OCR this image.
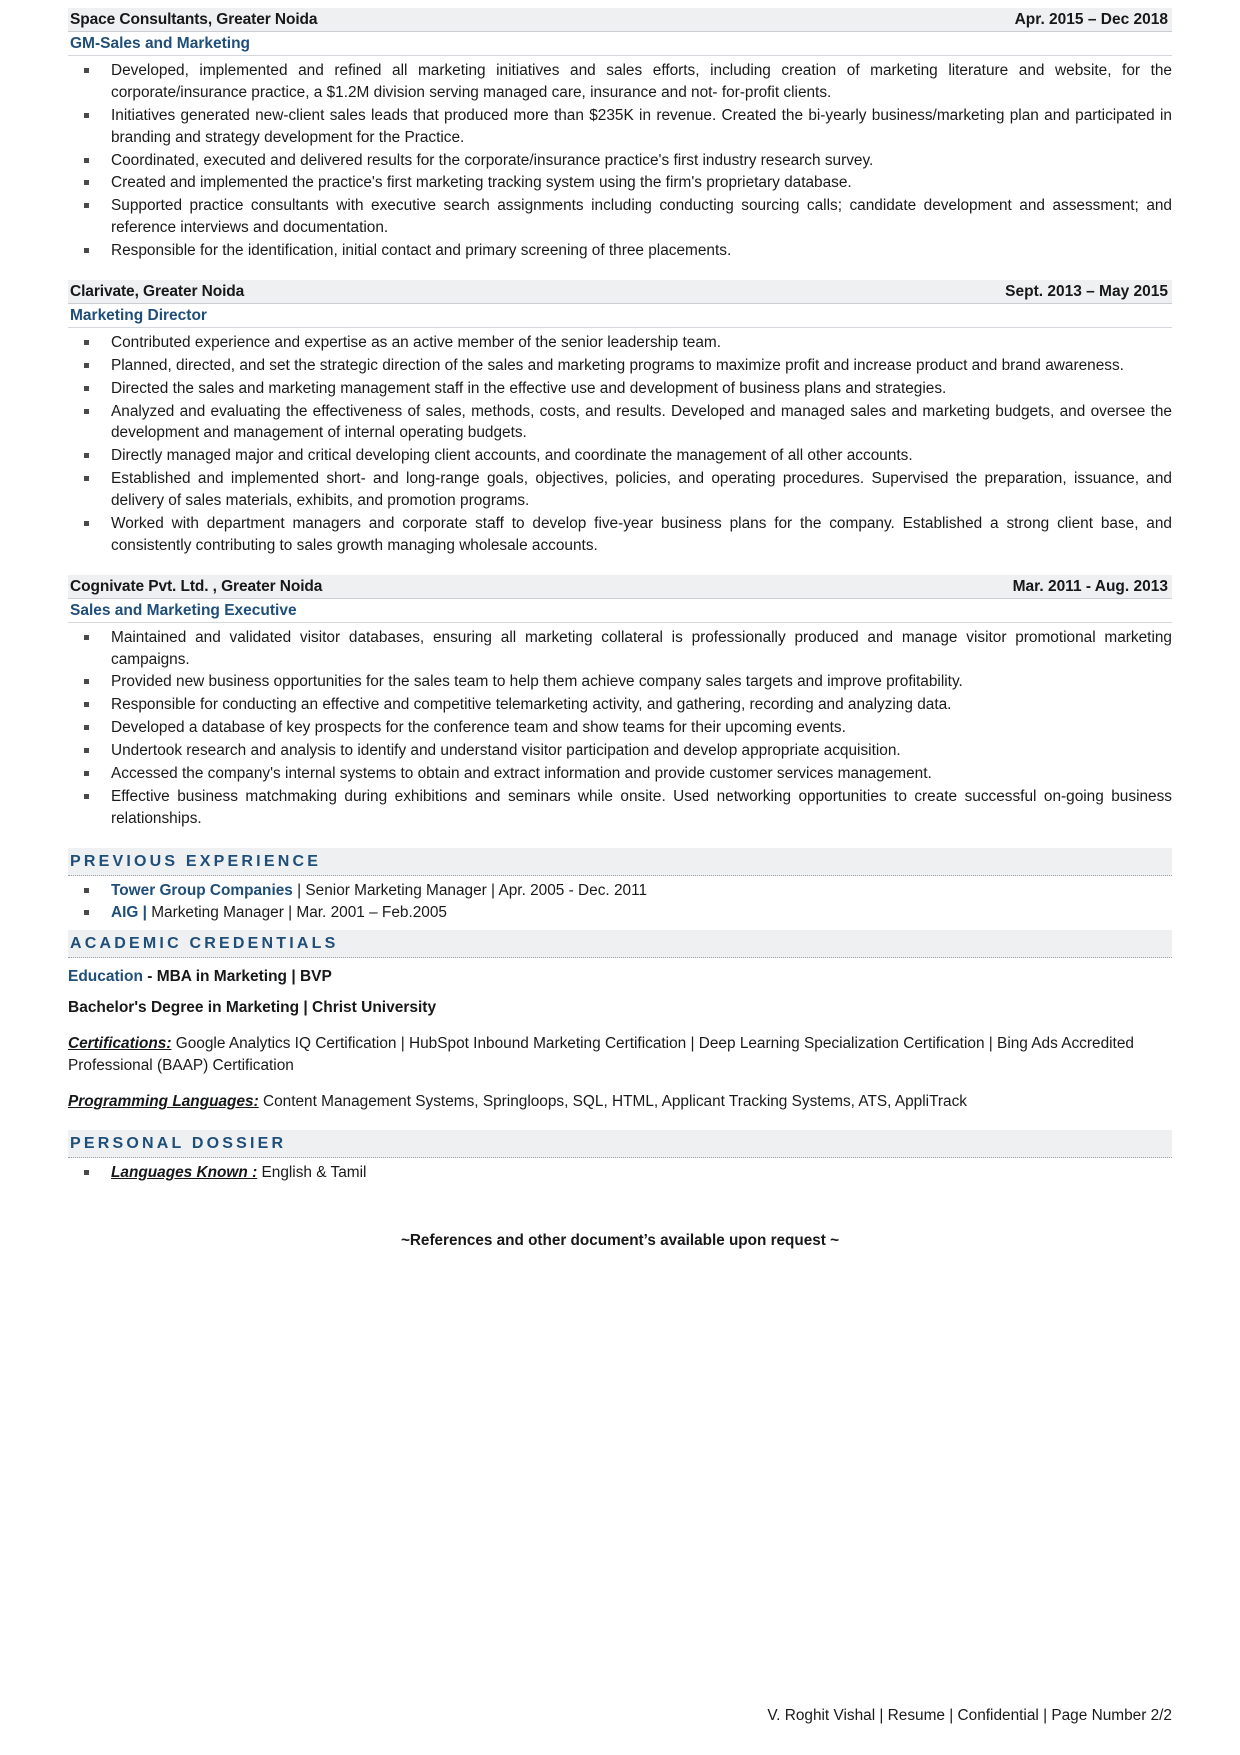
Space Consultants, Greater Noida	Apr. 2015 – Dec 2018
GM-Sales and Marketing
Developed, implemented and refined all marketing initiatives and sales efforts, including creation of marketing literature and website, for the corporate/insurance practice, a $1.2M division serving managed care, insurance and not- for-profit clients.
Initiatives generated new-client sales leads that produced more than $235K in revenue. Created the bi-yearly business/marketing plan and participated in branding and strategy development for the Practice.
Coordinated, executed and delivered results for the corporate/insurance practice's first industry research survey.
Created and implemented the practice's first marketing tracking system using the firm's proprietary database.
Supported practice consultants with executive search assignments including conducting sourcing calls; candidate development and assessment; and reference interviews and documentation.
Responsible for the identification, initial contact and primary screening of three placements.
Clarivate, Greater Noida	Sept. 2013 – May 2015
Marketing Director
Contributed experience and expertise as an active member of the senior leadership team.
Planned, directed, and set the strategic direction of the sales and marketing programs to maximize profit and increase product and brand awareness.
Directed the sales and marketing management staff in the effective use and development of business plans and strategies.
Analyzed and evaluating the effectiveness of sales, methods, costs, and results. Developed and managed sales and marketing budgets, and oversee the development and management of internal operating budgets.
Directly managed major and critical developing client accounts, and coordinate the management of all other accounts.
Established and implemented short- and long-range goals, objectives, policies, and operating procedures. Supervised the preparation, issuance, and delivery of sales materials, exhibits, and promotion programs.
Worked with department managers and corporate staff to develop five-year business plans for the company. Established a strong client base, and consistently contributing to sales growth managing wholesale accounts.
Cognivate Pvt. Ltd. , Greater Noida	Mar. 2011 - Aug. 2013
Sales and Marketing Executive
Maintained and validated visitor databases, ensuring all marketing collateral is professionally produced and manage visitor promotional marketing campaigns.
Provided new business opportunities for the sales team to help them achieve company sales targets and improve profitability.
Responsible for conducting an effective and competitive telemarketing activity, and gathering, recording and analyzing data.
Developed a database of key prospects for the conference team and show teams for their upcoming events.
Undertook research and analysis to identify and understand visitor participation and develop appropriate acquisition.
Accessed the company's internal systems to obtain and extract information and provide customer services management.
Effective business matchmaking during exhibitions and seminars while onsite. Used networking opportunities to create successful on-going business relationships.
PREVIOUS EXPERIENCE
Tower Group Companies | Senior Marketing Manager | Apr. 2005 - Dec. 2011
AIG | Marketing Manager | Mar. 2001 – Feb.2005
ACADEMIC CREDENTIALS
Education - MBA in Marketing | BVP
Bachelor's Degree in Marketing | Christ University
Certifications: Google Analytics IQ Certification | HubSpot Inbound Marketing Certification | Deep Learning Specialization Certification | Bing Ads Accredited Professional (BAAP) Certification
Programming Languages: Content Management Systems, Springloops, SQL, HTML, Applicant Tracking Systems, ATS, AppliTrack
PERSONAL DOSSIER
Languages Known : English & Tamil
~References and other document’s available upon request ~
V. Roghit Vishal | Resume | Confidential | Page Number 2/2
